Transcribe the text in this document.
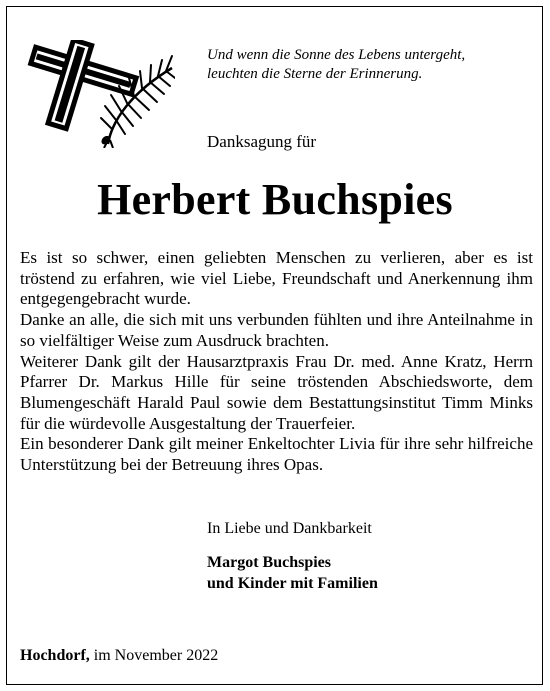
Und wenn die Sonne des Lebens untergeht,
leuchten die Sterne der Erinnerung.
Danksagung für
Herbert Buchspies

Es ist so schwer, einen geliebten Menschen zu verlieren, aber es ist tröstend zu erfahren, wie viel Liebe, Freundschaft und Anerkennung ihm entgegengebracht wurde.

Danke an alle, die sich mit uns verbunden fühlten und ihre Anteilnahme in so vielfältiger Weise zum Ausdruck brachten.

Weiterer Dank gilt der Hausarztpraxis Frau Dr. med. Anne Kratz, Herrn Pfarrer Dr. Markus Hille für seine tröstenden Abschiedsworte, dem Blumengeschäft Harald Paul sowie dem Bestattungsinstitut Timm Minks für die würdevolle Ausgestaltung der Trauerfeier.

Ein besonderer Dank gilt meiner Enkeltochter Livia für ihre sehr hilfreiche Unterstützung bei der Betreuung ihres Opas.

In Liebe und Dankbarkeit
Margot Buchspies
und Kinder mit Familien
Hochdorf, im November 2022
